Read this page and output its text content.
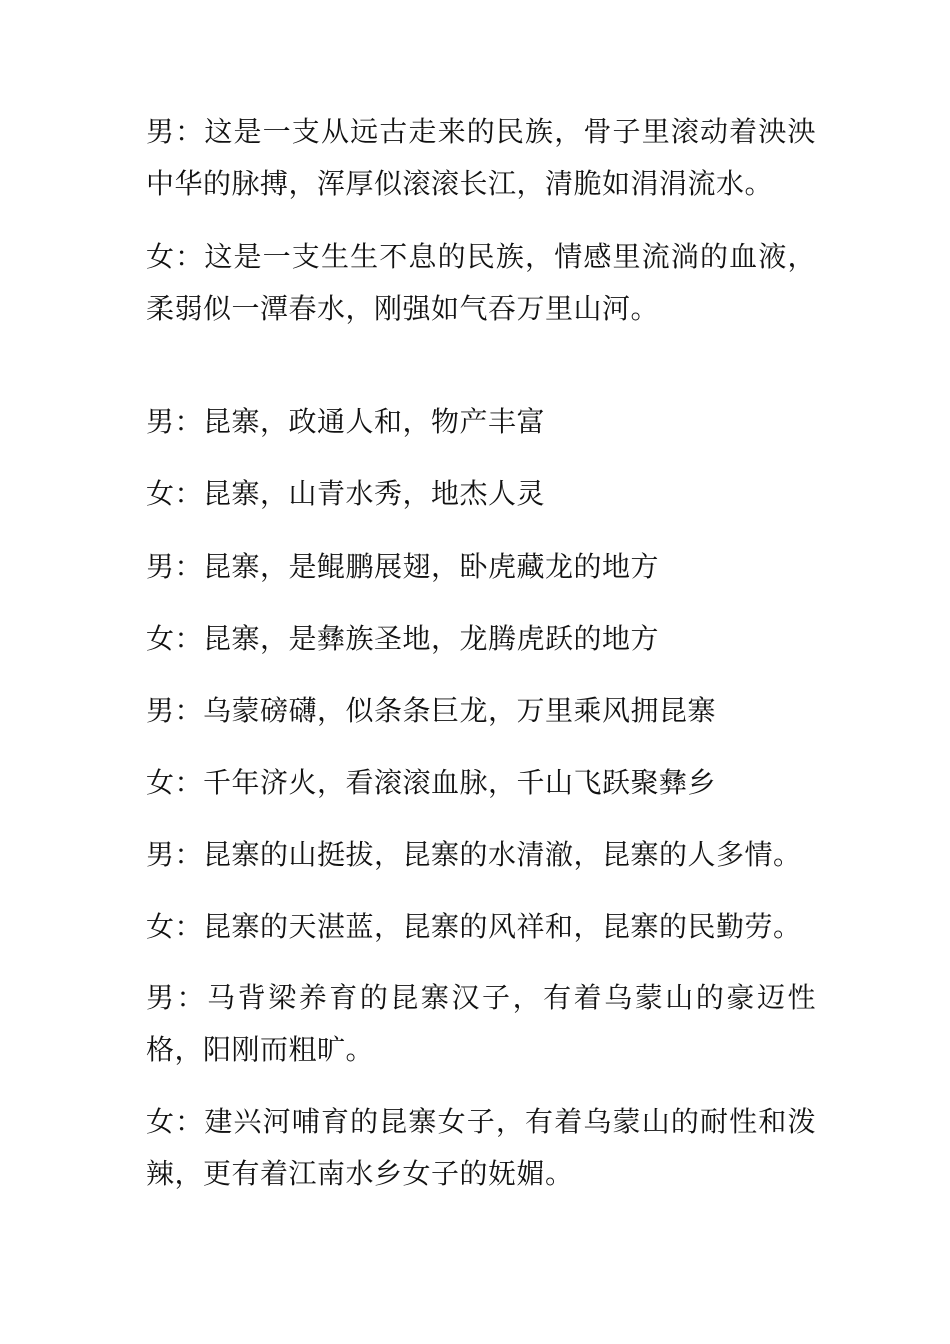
男：这是一支从远古走来的民族，骨子里滚动着泱泱中华的脉搏，浑厚似滚滚长江，清脆如涓涓流水。

女：这是一支生生不息的民族，情感里流淌的血液，柔弱似一潭春水，刚强如气吞万里山河。

男：昆寨，政通人和，物产丰富

女：昆寨，山青水秀，地杰人灵

男：昆寨，是鲲鹏展翅，卧虎藏龙的地方

女：昆寨，是彝族圣地，龙腾虎跃的地方

男：乌蒙磅礴，似条条巨龙，万里乘风拥昆寨

女：千年济火，看滚滚血脉，千山飞跃聚彝乡

男：昆寨的山挺拔，昆寨的水清澈，昆寨的人多情。

女：昆寨的天湛蓝，昆寨的风祥和，昆寨的民勤劳。

男：马背梁养育的昆寨汉子，有着乌蒙山的豪迈性格，阳刚而粗旷。

女：建兴河哺育的昆寨女子，有着乌蒙山的耐性和泼辣，更有着江南水乡女子的妩媚。
